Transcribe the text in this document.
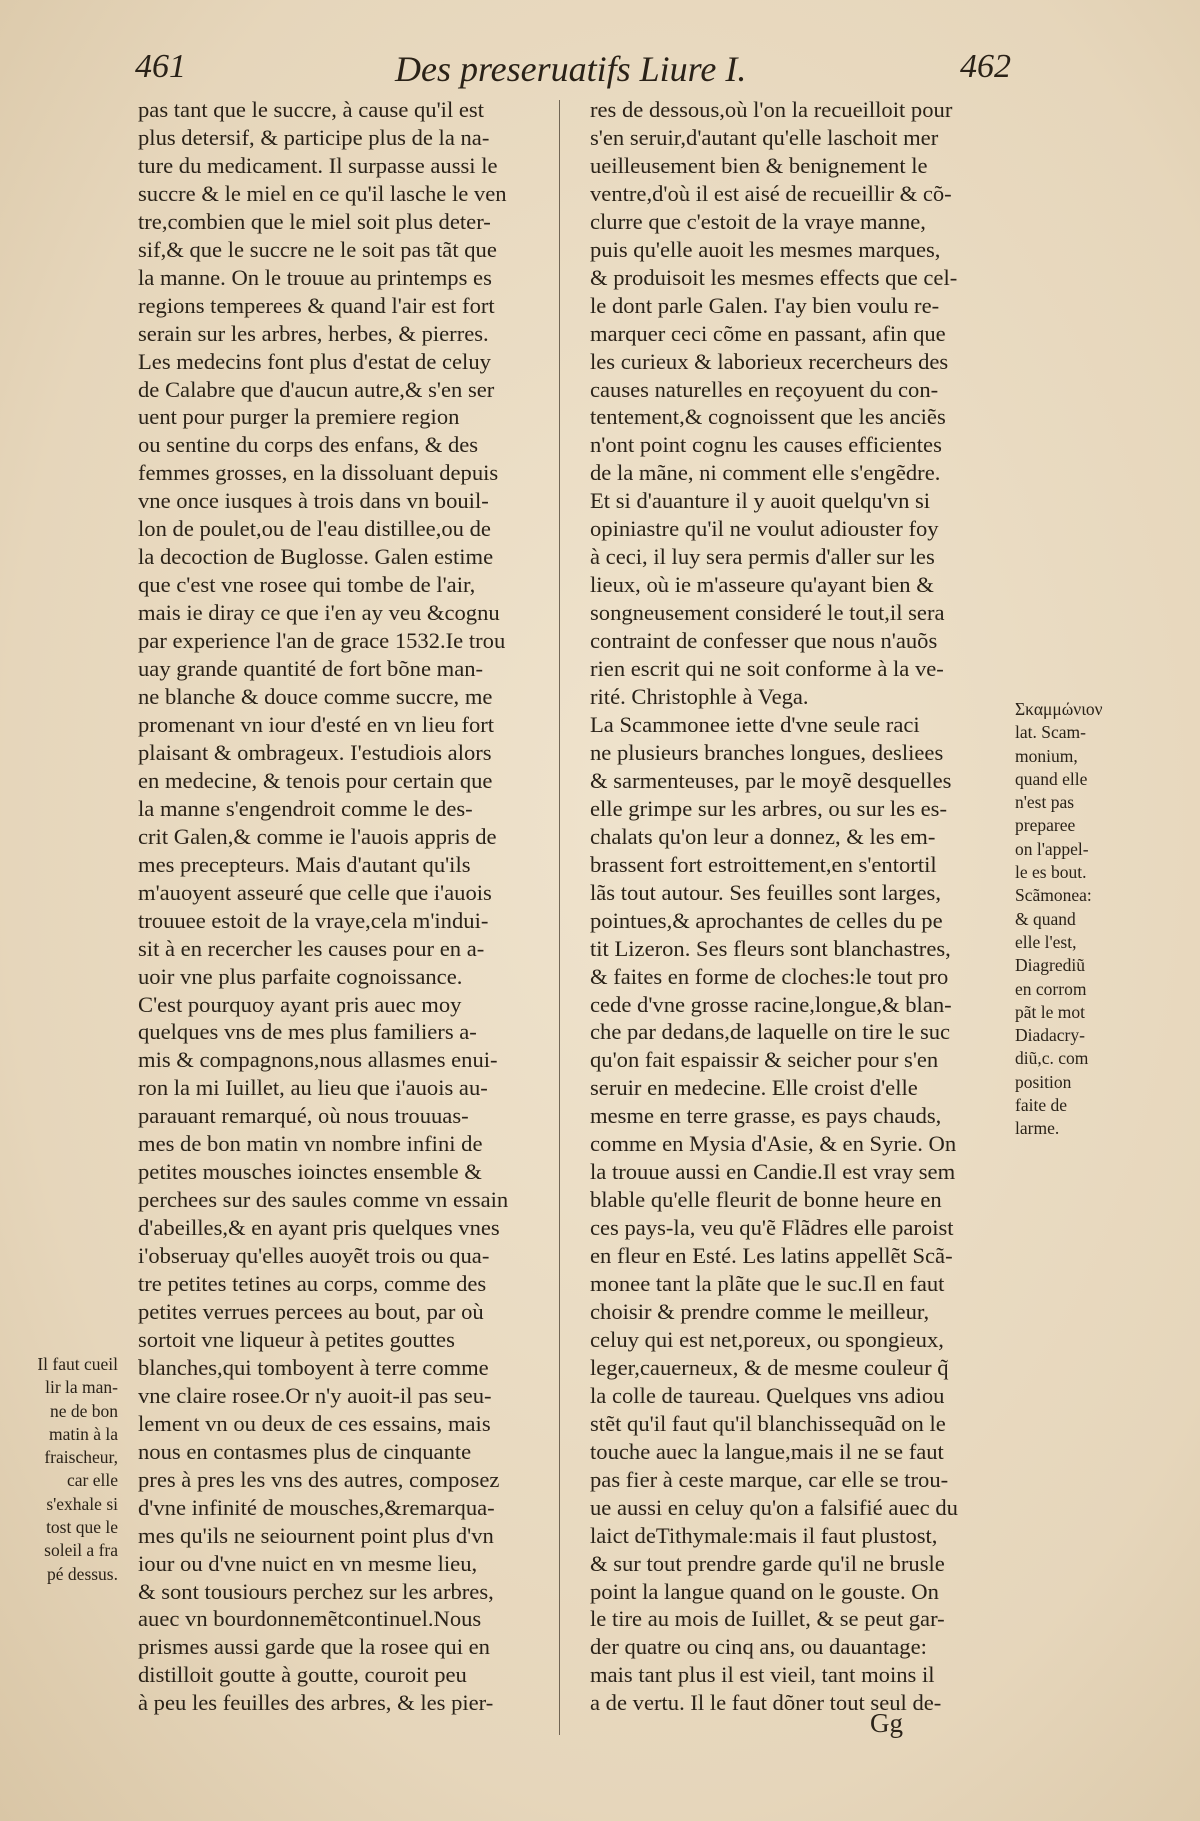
461	Des preseruatifs Liure I.	462
pas tant que le succre, à cause qu'il est
plus detersif, & participe plus de la na-
ture du medicament. Il surpasse aussi le
succre & le miel en ce qu'il lasche le ven
tre,combien que le miel soit plus deter-
sif,& que le succre ne le soit pas tãt que
la manne. On le trouue au printemps es
regions temperees & quand l'air est fort
serain sur les arbres, herbes, & pierres.
Les medecins font plus d'estat de celuy
de Calabre que d'aucun autre,& s'en ser
uent pour purger la premiere region
ou sentine du corps des enfans, & des
femmes grosses, en la dissoluant depuis
vne once iusques à trois dans vn bouil-
lon de poulet,ou de l'eau distillee,ou de
la decoction de Buglosse. Galen estime
que c'est vne rosee qui tombe de l'air,
mais ie diray ce que i'en ay veu &cognu
par experience l'an de grace 1532.Ie trou
uay grande quantité de fort bõne man-
ne blanche & douce comme succre, me
promenant vn iour d'esté en vn lieu fort
plaisant & ombrageux. I'estudiois alors
en medecine, & tenois pour certain que
la manne s'engendroit comme le des-
crit Galen,& comme ie l'auois appris de
mes precepteurs. Mais d'autant qu'ils
m'auoyent asseuré que celle que i'auois
trouuee estoit de la vraye,cela m'indui-
sit à en recercher les causes pour en a-
uoir vne plus parfaite cognoissance.
C'est pourquoy ayant pris auec moy
quelques vns de mes plus familiers a-
mis & compagnons,nous allasmes enui-
ron la mi Iuillet, au lieu que i'auois au-
parauant remarqué, où nous trouuas-
mes de bon matin vn nombre infini de
petites mousches ioinctes ensemble &
perchees sur des saules comme vn essain
d'abeilles,& en ayant pris quelques vnes
i'obseruay qu'elles auoyẽt trois ou qua-
tre petites tetines au corps, comme des
petites verrues percees au bout, par où
sortoit vne liqueur à petites gouttes
blanches,qui tomboyent à terre comme
vne claire rosee.Or n'y auoit-il pas seu-
lement vn ou deux de ces essains, mais
nous en contasmes plus de cinquante
pres à pres les vns des autres, composez
d'vne infinité de mousches,&remarqua-
mes qu'ils ne seiournent point plus d'vn
iour ou d'vne nuict en vn mesme lieu,
& sont tousiours perchez sur les arbres,
auec vn bourdonnemẽtcontinuel.Nous
prismes aussi garde que la rosee qui en
distilloit goutte à goutte, couroit peu
à peu les feuilles des arbres, & les pier-
res de dessous,où l'on la recueilloit pour
s'en seruir,d'autant qu'elle laschoit mer
ueilleusement bien & benignement le
ventre,d'où il est aisé de recueillir & cõ-
clurre que c'estoit de la vraye manne,
puis qu'elle auoit les mesmes marques,
& produisoit les mesmes effects que cel-
le dont parle Galen. I'ay bien voulu re-
marquer ceci cõme en passant, afin que
les curieux & laborieux recercheurs des
causes naturelles en reçoyuent du con-
tentement,& cognoissent que les anciẽs
n'ont point cognu les causes efficientes
de la mãne, ni comment elle s'engẽdre.
Et si d'auanture il y auoit quelqu'vn si
opiniastre qu'il ne voulut adiouster foy
à ceci, il luy sera permis d'aller sur les
lieux, où ie m'asseure qu'ayant bien &
songneusement consideré le tout,il sera
contraint de confesser que nous n'auõs
rien escrit qui ne soit conforme à la ve-
rité. Christophle à Vega.
La Scammonee iette d'vne seule raci
ne plusieurs branches longues, desliees
& sarmenteuses, par le moyẽ desquelles
elle grimpe sur les arbres, ou sur les es-
chalats qu'on leur a donnez, & les em-
brassent fort estroittement,en s'entortil
lãs tout autour. Ses feuilles sont larges,
pointues,& aprochantes de celles du pe
tit Lizeron. Ses fleurs sont blanchastres,
& faites en forme de cloches:le tout pro
cede d'vne grosse racine,longue,& blan-
che par dedans,de laquelle on tire le suc
qu'on fait espaissir & seicher pour s'en
seruir en medecine. Elle croist d'elle
mesme en terre grasse, es pays chauds,
comme en Mysia d'Asie, & en Syrie. On
la trouue aussi en Candie.Il est vray sem
blable qu'elle fleurit de bonne heure en
ces pays-la, veu qu'ẽ Flãdres elle paroist
en fleur en Esté. Les latins appellẽt Scã-
monee tant la plãte que le suc.Il en faut
choisir & prendre comme le meilleur,
celuy qui est net,poreux, ou spongieux,
leger,cauerneux, & de mesme couleur q̃
la colle de taureau. Quelques vns adiou
stẽt qu'il faut qu'il blanchissequãd on le
touche auec la langue,mais il ne se faut
pas fier à ceste marque, car elle se trou-
ue aussi en celuy qu'on a falsifié auec du
laict deTithymale:mais il faut plustost,
& sur tout prendre garde qu'il ne brusle
point la langue quand on le gouste. On
le tire au mois de Iuillet, & se peut gar-
der quatre ou cinq ans, ou dauantage:
mais tant plus il est vieil, tant moins il
a de vertu. Il le faut dõner tout seul de-
Il faut cueil
lir la man-
ne de bon
matin à la
fraischeur,
car elle
s'exhale si
tost que le
soleil a fra
pé dessus.
Σκαμμώνιον
lat. Scam-
monium,
quand elle
n'est pas
preparee
on l'appel-
le es bout.
Scãmonea:
& quand
elle l'est,
Diagrediũ
en corrom
pãt le mot
Diadacry-
diũ,c. com
position
faite de
larme.
Gg
